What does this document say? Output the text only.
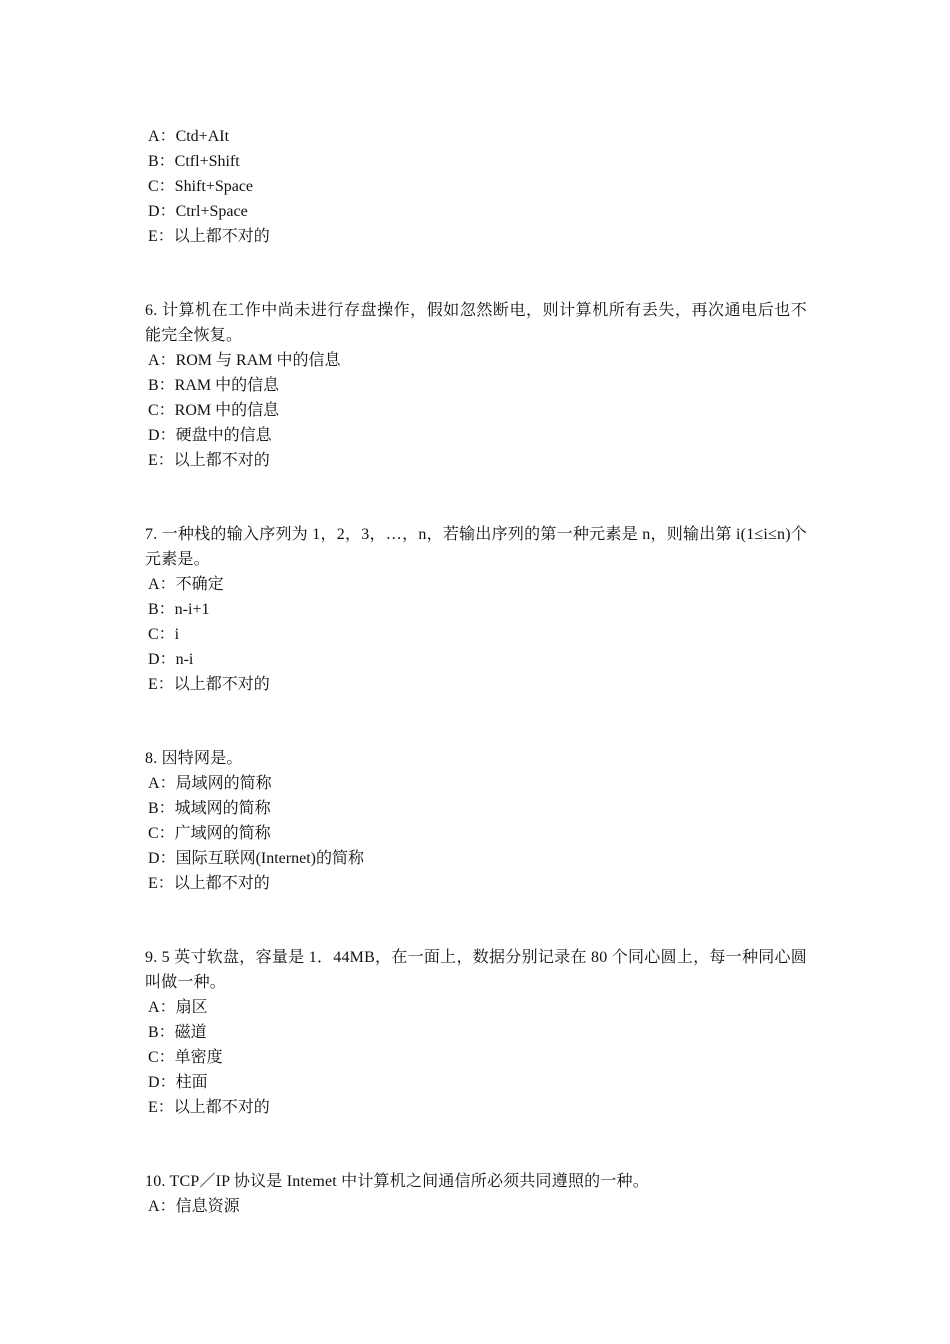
A：Ctd+AIt
B：Ctfl+Shift
C：Shift+Space
D：Ctrl+Space
E：以上都不对的
6. 计算机在工作中尚未进行存盘操作，假如忽然断电，则计算机所有丢失，再次通电后也不能完全恢复。
A：ROM 与 RAM 中的信息
B：RAM 中的信息
C：ROM 中的信息
D：硬盘中的信息
E：以上都不对的
7. 一种栈的输入序列为 1，2，3，…，n，若输出序列的第一种元素是 n，则输出第 i(1≤i≤n)个元素是。
A：不确定
B：n-i+1
C：i
D：n-i
E：以上都不对的
8. 因特网是。
A：局域网的简称
B：城域网的简称
C：广域网的简称
D：国际互联网(Internet)的简称
E：以上都不对的
9. 5 英寸软盘，容量是 1．44MB，在一面上，数据分别记录在 80 个同心圆上，每一种同心圆叫做一种。
A：扇区
B：磁道
C：单密度
D：柱面
E：以上都不对的
10. TCP／IP 协议是 Intemet 中计算机之间通信所必须共同遵照的一种。
A：信息资源
